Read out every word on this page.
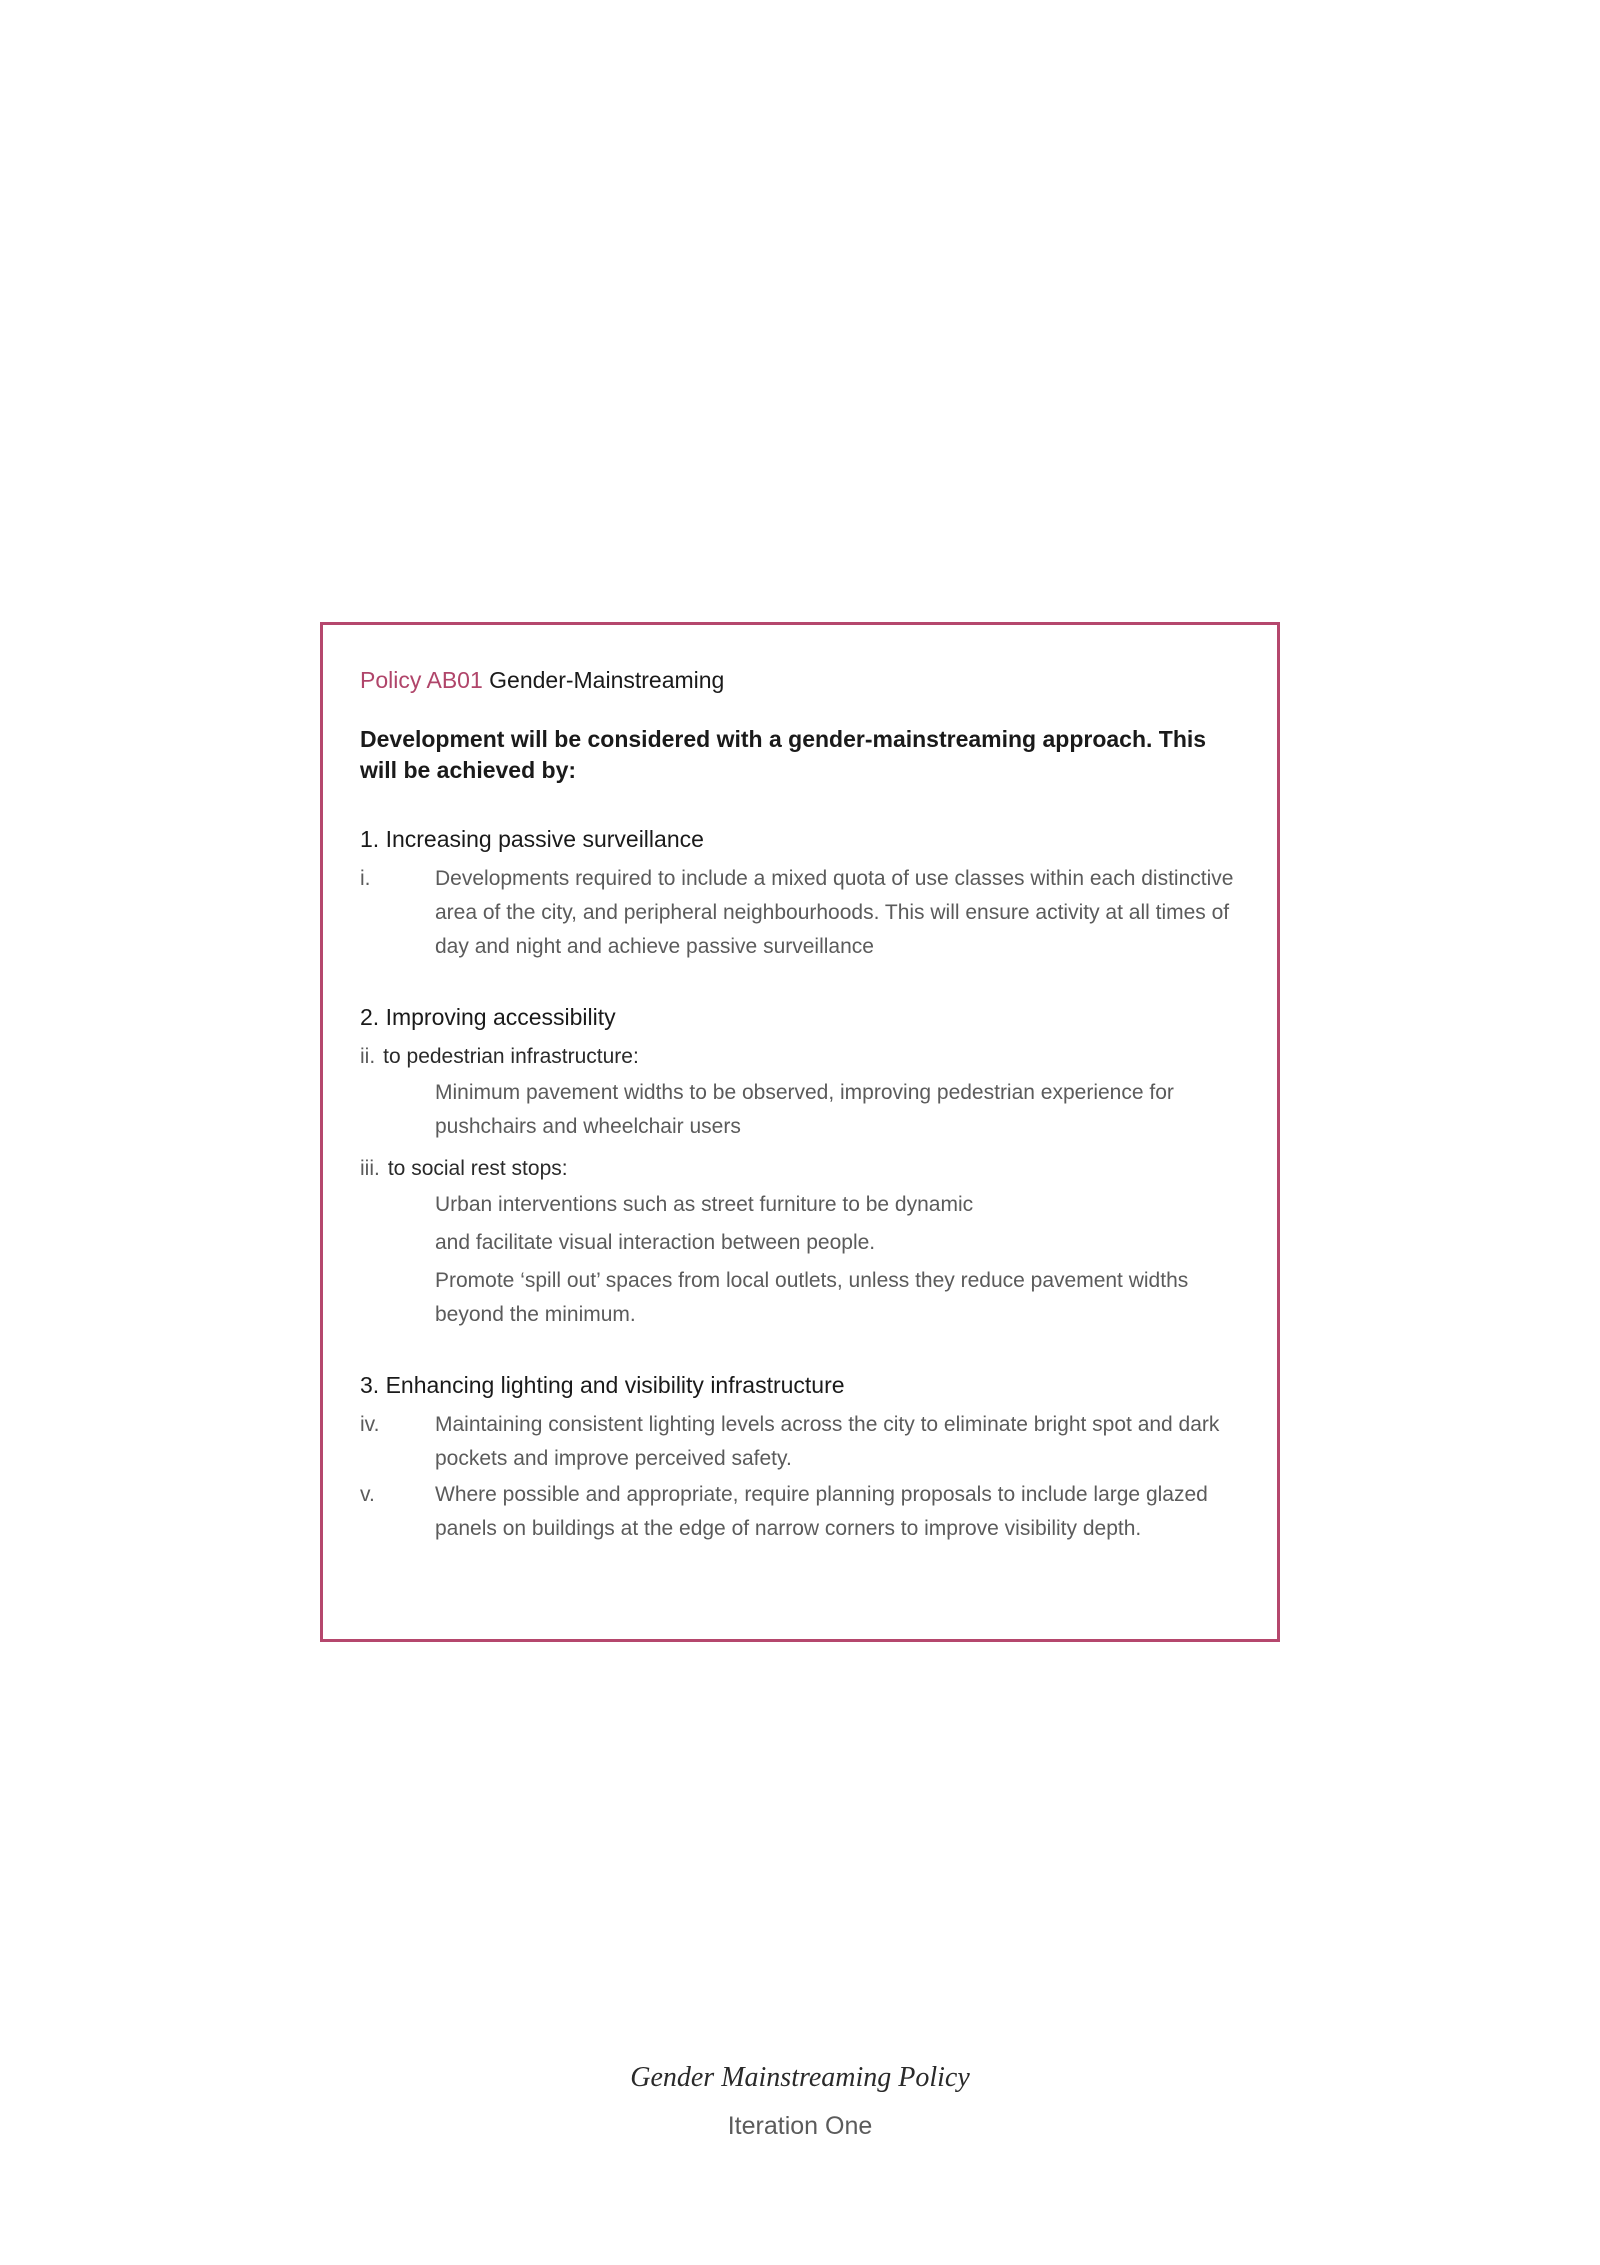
Policy AB01 Gender-Mainstreaming

Development will be considered with a gender-mainstreaming approach. This will be achieved by:

1. Increasing passive surveillance

i.	Developments required to include a mixed quota of use classes within each distinctive area of the city, and peripheral neighbourhoods. This will ensure activity at all times of day and night and achieve passive surveillance

2. Improving accessibility

ii. to pedestrian infrastructure:

Minimum pavement widths to be observed, improving pedestrian experience for pushchairs and wheelchair users

iii. to social rest stops:

Urban interventions such as street furniture to be dynamic

and facilitate visual interaction between people.

Promote ‘spill out’ spaces from local outlets, unless they reduce pavement widths beyond the minimum.

3. Enhancing lighting and visibility infrastructure

iv.	Maintaining consistent lighting levels across the city to eliminate bright spot and dark pockets and improve perceived safety.
v.	Where possible and appropriate, require planning proposals to include large glazed panels on buildings at the edge of narrow corners to improve visibility depth.
Gender Mainstreaming Policy
Iteration One
